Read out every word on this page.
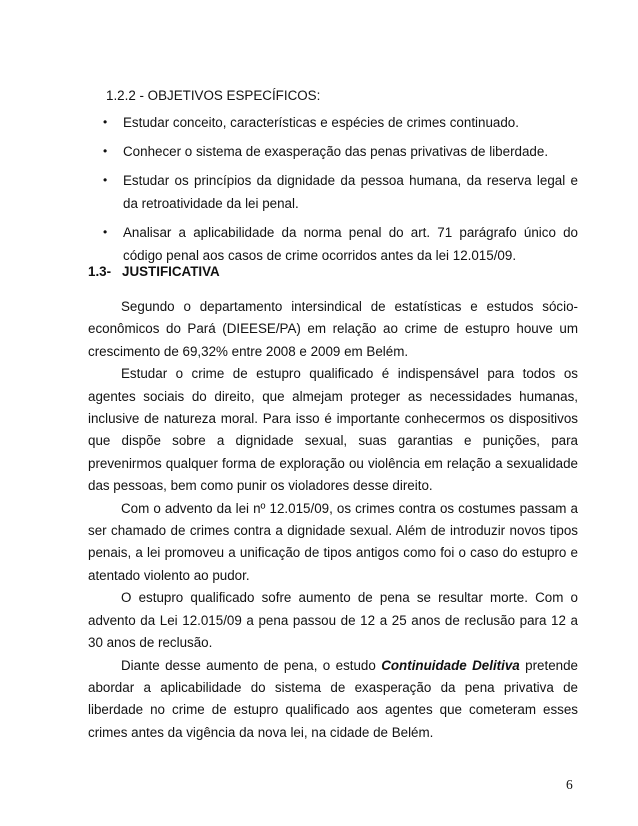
1.2.2 - OBJETIVOS ESPECÍFICOS:
• Estudar conceito, características e espécies de crimes continuado.
• Conhecer o sistema de exasperação das penas privativas de liberdade.
• Estudar os princípios da dignidade da pessoa humana, da reserva legal e da retroatividade da lei penal.
• Analisar a aplicabilidade da norma penal do art. 71 parágrafo único do código penal aos casos de crime ocorridos antes da lei 12.015/09.
1.3- JUSTIFICATIVA

Segundo o departamento intersindical de estatísticas e estudos sócio-econômicos do Pará (DIEESE/PA) em relação ao crime de estupro houve um crescimento de 69,32% entre 2008 e 2009 em Belém.

Estudar o crime de estupro qualificado é indispensável para todos os agentes sociais do direito, que almejam proteger as necessidades humanas, inclusive de natureza moral. Para isso é importante conhecermos os dispositivos que dispõe sobre a dignidade sexual, suas garantias e punições, para prevenirmos qualquer forma de exploração ou violência em relação a sexualidade das pessoas, bem como punir os violadores desse direito.

Com o advento da lei nº 12.015/09, os crimes contra os costumes passam a ser chamado de crimes contra a dignidade sexual. Além de introduzir novos tipos penais, a lei promoveu a unificação de tipos antigos como foi o caso do estupro e atentado violento ao pudor.

O estupro qualificado sofre aumento de pena se resultar morte. Com o advento da Lei 12.015/09 a pena passou de 12 a 25 anos de reclusão para 12 a 30 anos de reclusão.

Diante desse aumento de pena, o estudo Continuidade Delitiva pretende abordar a aplicabilidade do sistema de exasperação da pena privativa de liberdade no crime de estupro qualificado aos agentes que cometeram esses crimes antes da vigência da nova lei, na cidade de Belém.

6
